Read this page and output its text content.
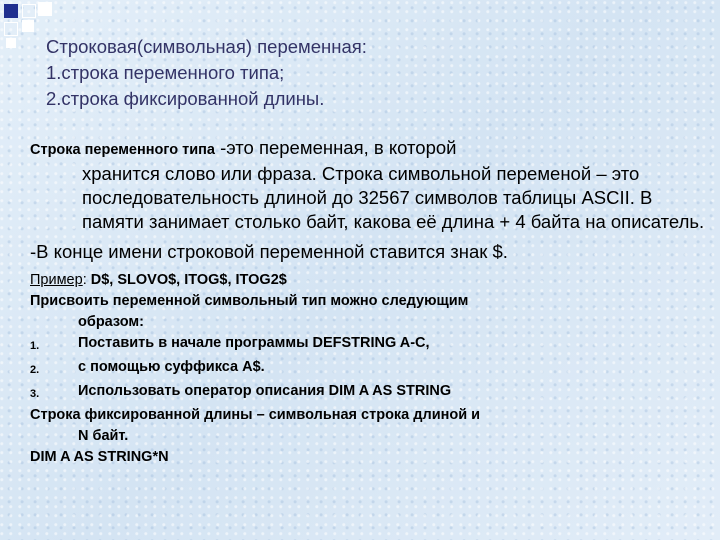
Строковая(символьная) переменная:
1.строка переменного типа;
2.строка фиксированной длины.

Строка переменного типа -это переменная, в которой
хранится слово или фраза. Строка символьной переменой – это последовательность длиной до 32567 символов таблицы ASCII. В памяти занимает столько байт, какова её длина + 4 байта на описатель.

-В конце имени строковой переменной ставится знак $.

Пример: D$, SLOVO$, ITOG$, ITOG2$
Присвоить переменной символьный тип можно следующим
образом:
1.	Поставить в начале программы DEFSTRING A-C,
2.	с помощью суффикса A$.
3.	Использовать оператор описания DIM A AS STRING
Строка фиксированной длины – символьная строка длиной и
N байт.
DIM A AS STRING*N
